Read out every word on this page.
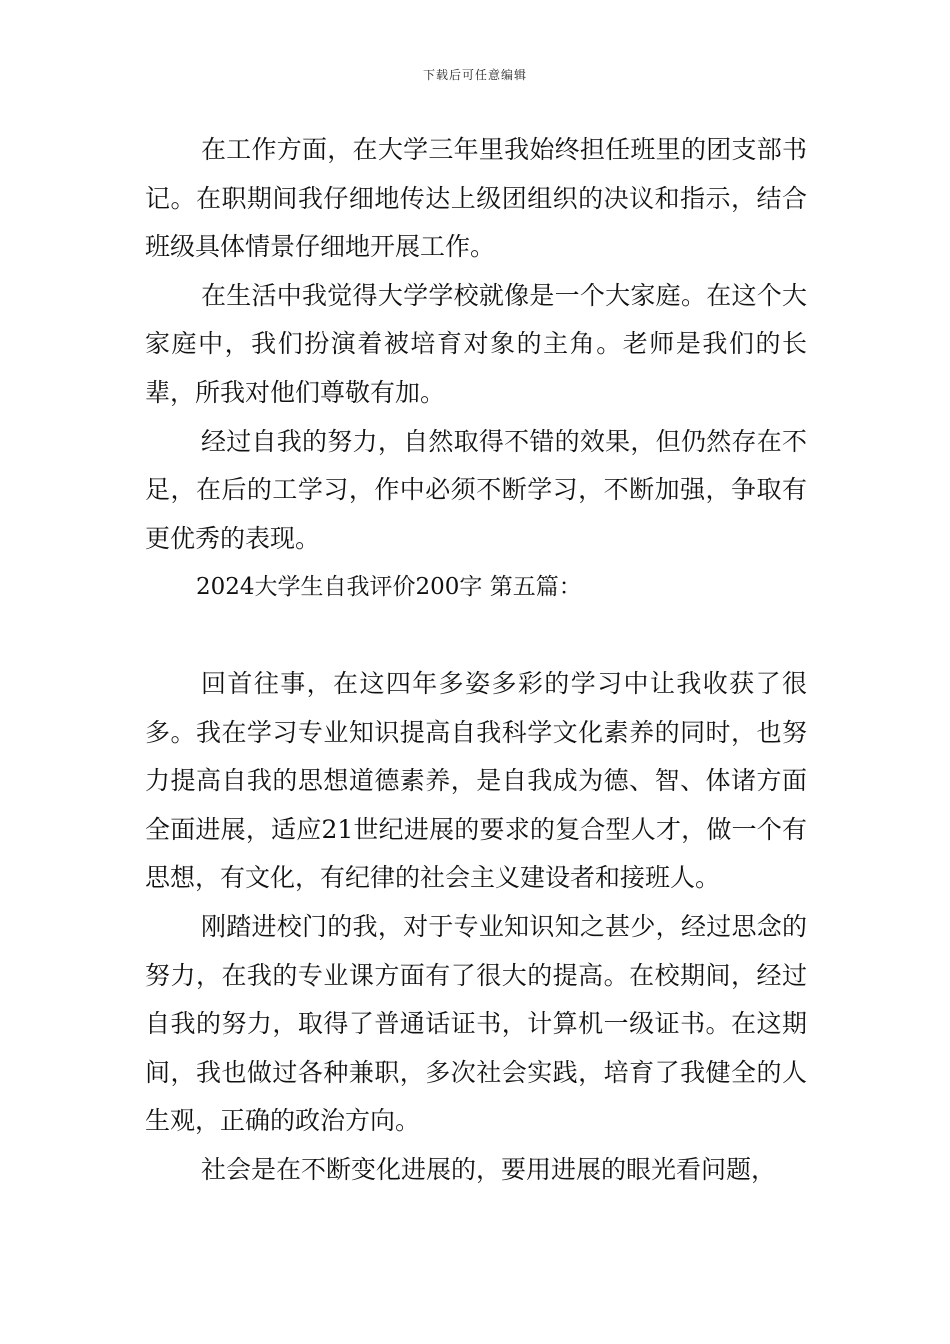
下载后可任意编辑

在工作方面，在大学三年里我始终担任班里的团支部书记。在职期间我仔细地传达上级团组织的决议和指示，结合班级具体情景仔细地开展工作。

在生活中我觉得大学学校就像是一个大家庭。在这个大家庭中，我们扮演着被培育对象的主角。老师是我们的长辈，所我对他们尊敬有加。

经过自我的努力，自然取得不错的效果，但仍然存在不足，在后的工学习，作中必须不断学习，不断加强，争取有更优秀的表现。

2024大学生自我评价200字 第五篇：

回首往事，在这四年多姿多彩的学习中让我收获了很多。我在学习专业知识提高自我科学文化素养的同时，也努力提高自我的思想道德素养，是自我成为德、智、体诸方面全面进展，适应21世纪进展的要求的复合型人才，做一个有思想，有文化，有纪律的社会主义建设者和接班人。

刚踏进校门的我，对于专业知识知之甚少，经过思念的努力，在我的专业课方面有了很大的提高。在校期间，经过自我的努力，取得了普通话证书，计算机一级证书。在这期间，我也做过各种兼职，多次社会实践，培育了我健全的人生观，正确的政治方向。

社会是在不断变化进展的，要用进展的眼光看问题，
